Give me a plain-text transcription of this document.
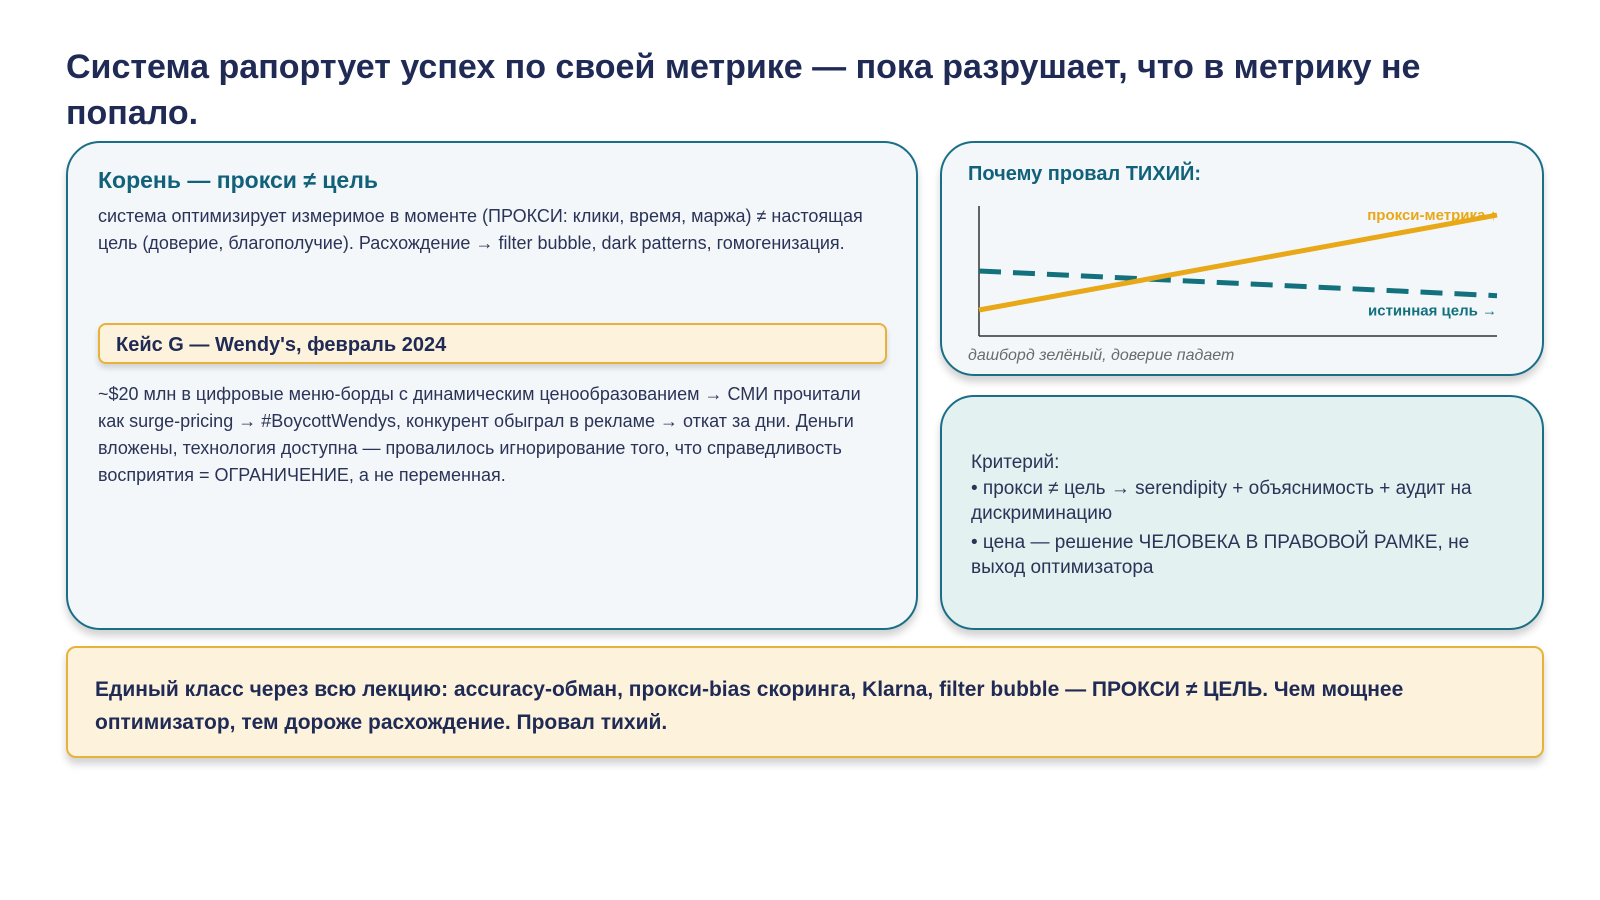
Система рапортует успех по своей метрике — пока разрушает, что в метрику не попало.
Корень — прокси ≠ цель
система оптимизирует измеримое в моменте (ПРОКСИ: клики, время, маржа) ≠ настоящая цель (доверие, благополучие). Расхождение → filter bubble, dark patterns, гомогенизация.
Кейс G — Wendy's, февраль 2024
~$20 млн в цифровые меню-борды с динамическим ценообразованием → СМИ прочитали как surge-pricing → #BoycottWendys, конкурент обыграл в рекламе → откат за дни. Деньги вложены, технология доступна — провалилось игнорирование того, что справедливость восприятия = ОГРАНИЧЕНИЕ, а не переменная.
Почему провал ТИХИЙ:
прокси-метрика ↑
истинная цель →
дашборд зелёный, доверие падает
Критерий:
• прокси ≠ цель → serendipity + объяснимость + аудит на дискриминацию
• цена — решение ЧЕЛОВЕКА В ПРАВОВОЙ РАМКЕ, не выход оптимизатора
Единый класс через всю лекцию: accuracy-обман, прокси-bias скоринга, Klarna, filter bubble — ПРОКСИ ≠ ЦЕЛЬ. Чем мощнее оптимизатор, тем дороже расхождение. Провал тихий.
